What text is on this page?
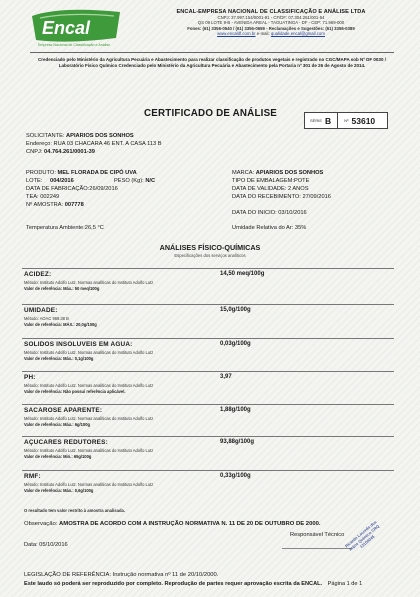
Encal
Empresa Nacional de Classificação e Análise
ENCAL-EMPRESA NACIONAL DE CLASSIFICAÇÃO E ANÁLISE LTDA
CNPJ: 37.997.154/0001-91 - CF/DF: 07.304.251/001-54
QS 09 LOTE 9-B - AVENIDA AREAL - TAGUATINGA - DF - CEP: 71.969-000
Fones: (61) 3356-0540 / (61) 3356-0659 - Reclamações e Sugestões: (61) 3356-0389
www.encaldf.com.br e-mail: qualidade.encal@gmail.com
Credenciado pelo Ministério da Agricultura Pecuária e Abastecimento para realizar classificação de produtos vegetais e registrado no CGC/MAPA sob Nº DF 0030 / Laboratório Físico Químico Credenciado pelo Ministério da Agricultura Pecuária e Abastecimento pela Portaria nº 301 de 26 de Agosto de 2014.
CERTIFICADO DE ANÁLISE
SÉRIE B	Nº 53610
SOLICITANTE: APIARIOS DOS SONHOS
Endereço: RUA 03 CHACARA 46 ENT. A CASA 113 B
CNPJ: 04.764.261/0001-39
PRODUTO: MEL FLORADA DE CIPÓ UVA
LOTE: 004/2016	PESO (Kg): N/C
DATA DE FABRICAÇÃO:26/09/2016
TEA: 002249
Nº AMOSTRA: 007778
MARCA: APIARIOS DOS SONHOS
TIPO DE EMBALAGEM:POTE
DATA DE VALIDADE: 2 ANOS
DATA DO RECEBIMENTO: 27/09/2016
DATA DO INICIO: 03/10/2016
Temperatura Ambiente:26,5 °C	Umidade Relativa do Ar: 35%
ANÁLISES FÍSICO-QUÍMICAS
Especificações dos serviços analíticos
ACIDEZ:	14,50 meq/100g
Método: Instituto Adolfo Lutz. Normas analíticas do Instituto Adolfo Lutz
Valor de referência: Máx.: 50 meq/100g
UMIDADE:	15,0g/100g
Método: AOAC 969.38 B
Valor de referência: MÁX.: 20,0g/100g
SOLIDOS INSOLUVEIS EM AGUA:	0,03g/100g
Método: Instituto Adolfo Lutz. Normas analíticas do Instituto Adolfo Lutz
Valor de referência: Máx.: 0,1g/100g
PH:	3,97
Método: Instituto Adolfo Lutz. Normas analíticas do Instituto Adolfo Lutz
Valor de referência: Não possui referência aplicável.
SACAROSE APARENTE:	1,88g/100g
Método: Instituto Adolfo Lutz. Normas analíticas do Instituto Adolfo Lutz
Valor de referência: Máx.: 6g/100g
AÇUCARES REDUTORES:	93,88g/100g
Método: Instituto Adolfo Lutz. Normas analíticas do Instituto Adolfo Lutz
Valor de referência: Min.: 65g/100g
RMF:	0,33g/100g
Método: Instituto Adolfo Lutz. Normas analíticas do Instituto Adolfo Lutz
Valor de referência: Máx.: 0,6g/100g
O resultado tem valor restrito à amostra analisada.
Observação: AMOSTRA DE ACORDO COM A INSTRUÇÃO NORMATIVA N. 11 DE 20 DE OUTUBRO DE 2000.
Data: 05/10/2016
Responsável Técnico Ricardo Lacerda dos Anjos Químico CRQ 12100045
LEGISLAÇÃO DE REFERÊNCIA: Instrução normativa nº 11 de 20/10/2000.
Este laudo só poderá ser reproduzido por completo. Reprodução de partes requer aprovação escrita da ENCAL. Página 1 de 1
